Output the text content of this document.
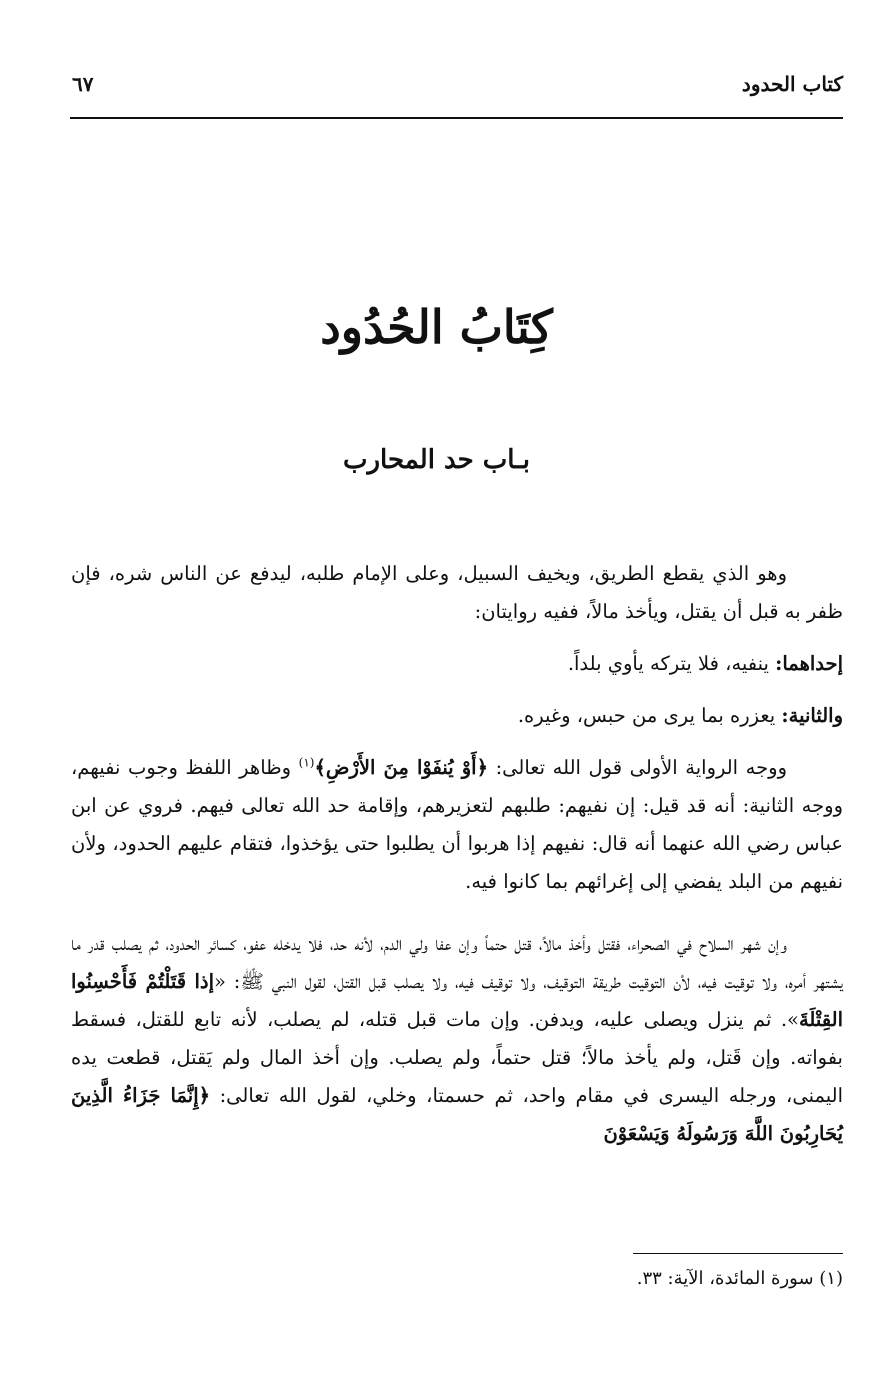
كتاب الحدود
٦٧
كِتَابُ الحُدُود
بـاب حد المحارب

وهو الذي يقطع الطريق، ويخيف السبيل، وعلى الإمام طلبه، ليدفع عن الناس شره، فإن ظفر به قبل أن يقتل، ويأخذ مالاً، ففيه روايتان:

إحداهما: ينفيه، فلا يتركه يأوي بلداً.

والثانية: يعزره بما يرى من حبس، وغيره.

ووجه الرواية الأولى قول الله تعالى: ﴿أَوْ يُنفَوْا مِنَ الأَرْضِ﴾$^{(١)}$ وظاهر اللفظ وجوب نفيهم، ووجه الثانية: أنه قد قيل: إن نفيهم: طلبهم لتعزيرهم، وإقامة حد الله تعالى فيهم. فروي عن ابن عباس رضي الله عنهما أنه قال: نفيهم إذا هربوا أن يطلبوا حتى يؤخذوا، فتقام عليهم الحدود، ولأن نفيهم من البلد يفضي إلى إغرائهم بما كانوا فيه.

وإن شهر السلاح في الصحراء، فقتل وأخذ مالاً، قتل حتماً وإن عفا ولي الدم، لأنه حد، فلا يدخله عفو، كسائر الحدود، ثم يصلب قدر ما يشتهر أمره، ولا توقيت فيه، لأن التوقيت طريقة التوقيف، ولا توقيف فيه، ولا يصلب قبل القتل، لقول النبي ﷺ: «إذا قَتَلْتُمْ فَأَحْسِنُوا القِتْلَةَ». ثم ينزل ويصلى عليه، ويدفن. وإن مات قبل قتله، لم يصلب، لأنه تابع للقتل، فسقط بفواته. وإن قَتل، ولم يأخذ مالاً؛ قتل حتماً، ولم يصلب. وإن أخذ المال ولم يَقتل، قطعت يده اليمنى، ورجله اليسرى في مقام واحد، ثم حسمتا، وخلي، لقول الله تعالى: ﴿إِنَّمَا جَزَاءُ الَّذِينَ يُحَارِبُونَ اللَّهَ وَرَسُولَهُ وَيَسْعَوْنَ

(١) سورة المائدة، الآية: ٣٣.
